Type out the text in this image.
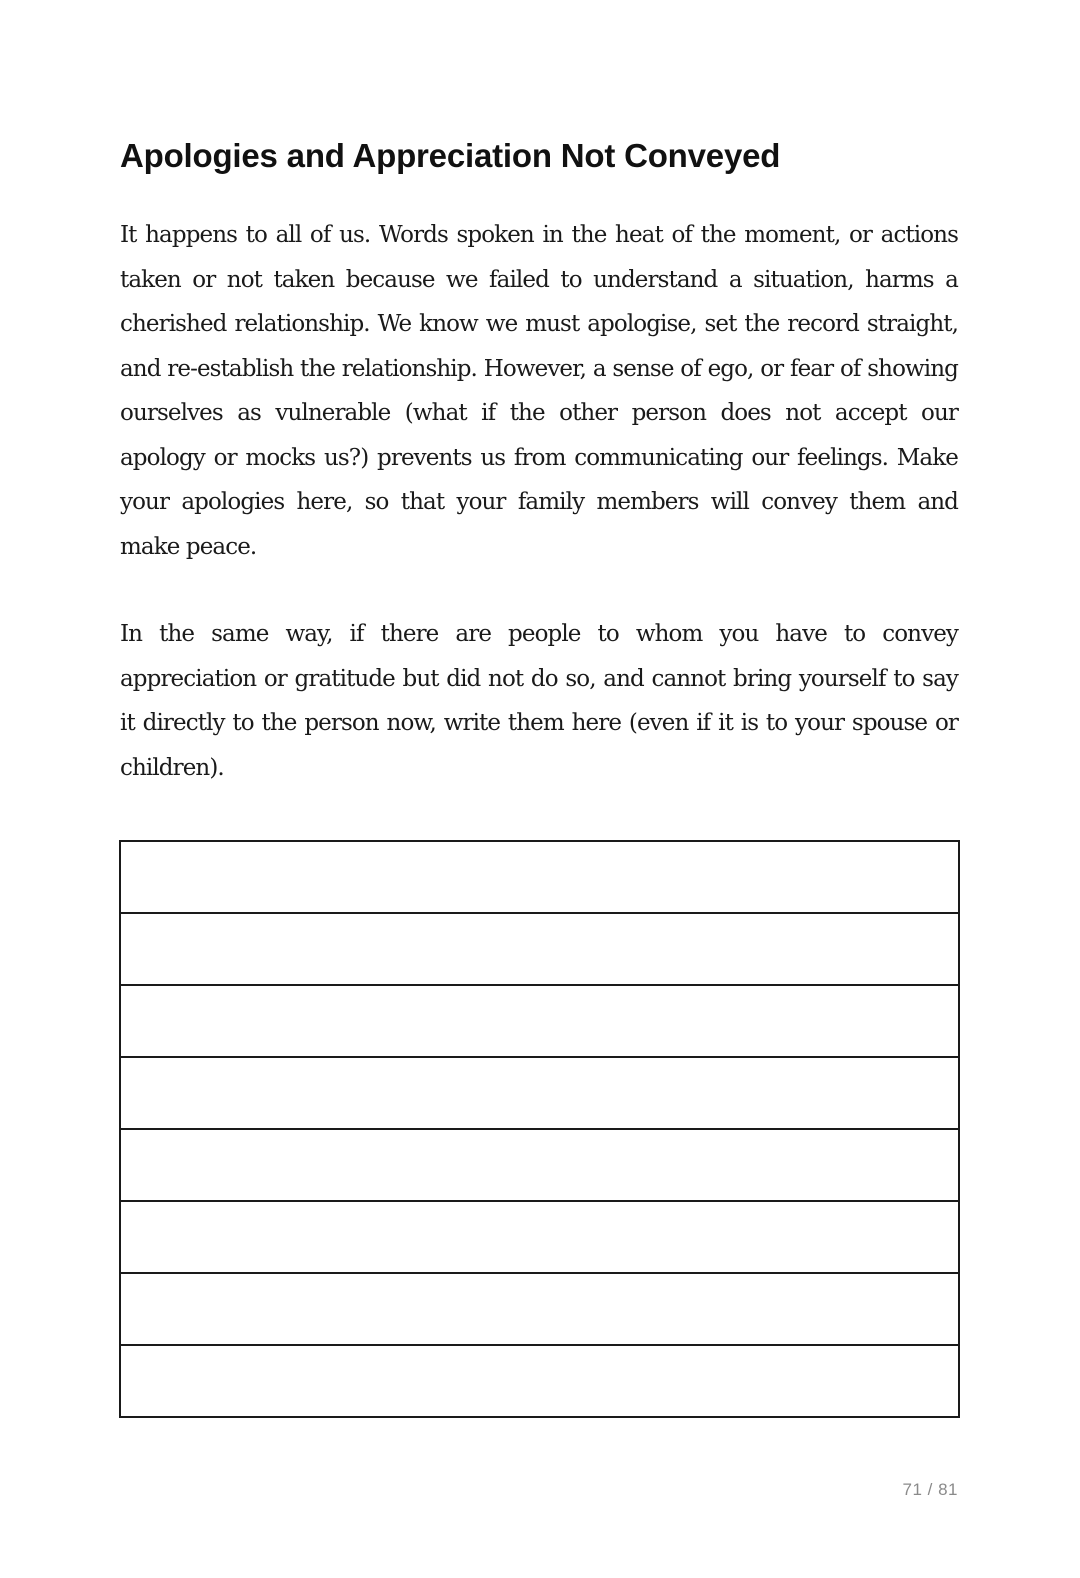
Apologies and Appreciation Not Conveyed

It happens to all of us. Words spoken in the heat of the moment, or actions taken or not taken because we failed to understand a situation, harms a cherished relationship. We know we must apologise, set the record straight, and re-establish the relationship. However, a sense of ego, or fear of showing ourselves as vulnerable (what if the other person does not accept our apology or mocks us?) prevents us from communicating our feelings. Make your apologies here, so that your family members will convey them and make peace.

In the same way, if there are people to whom you have to convey appreciation or gratitude but did not do so, and cannot bring yourself to say it directly to the person now, write them here (even if it is to your spouse or children).

71 / 81
